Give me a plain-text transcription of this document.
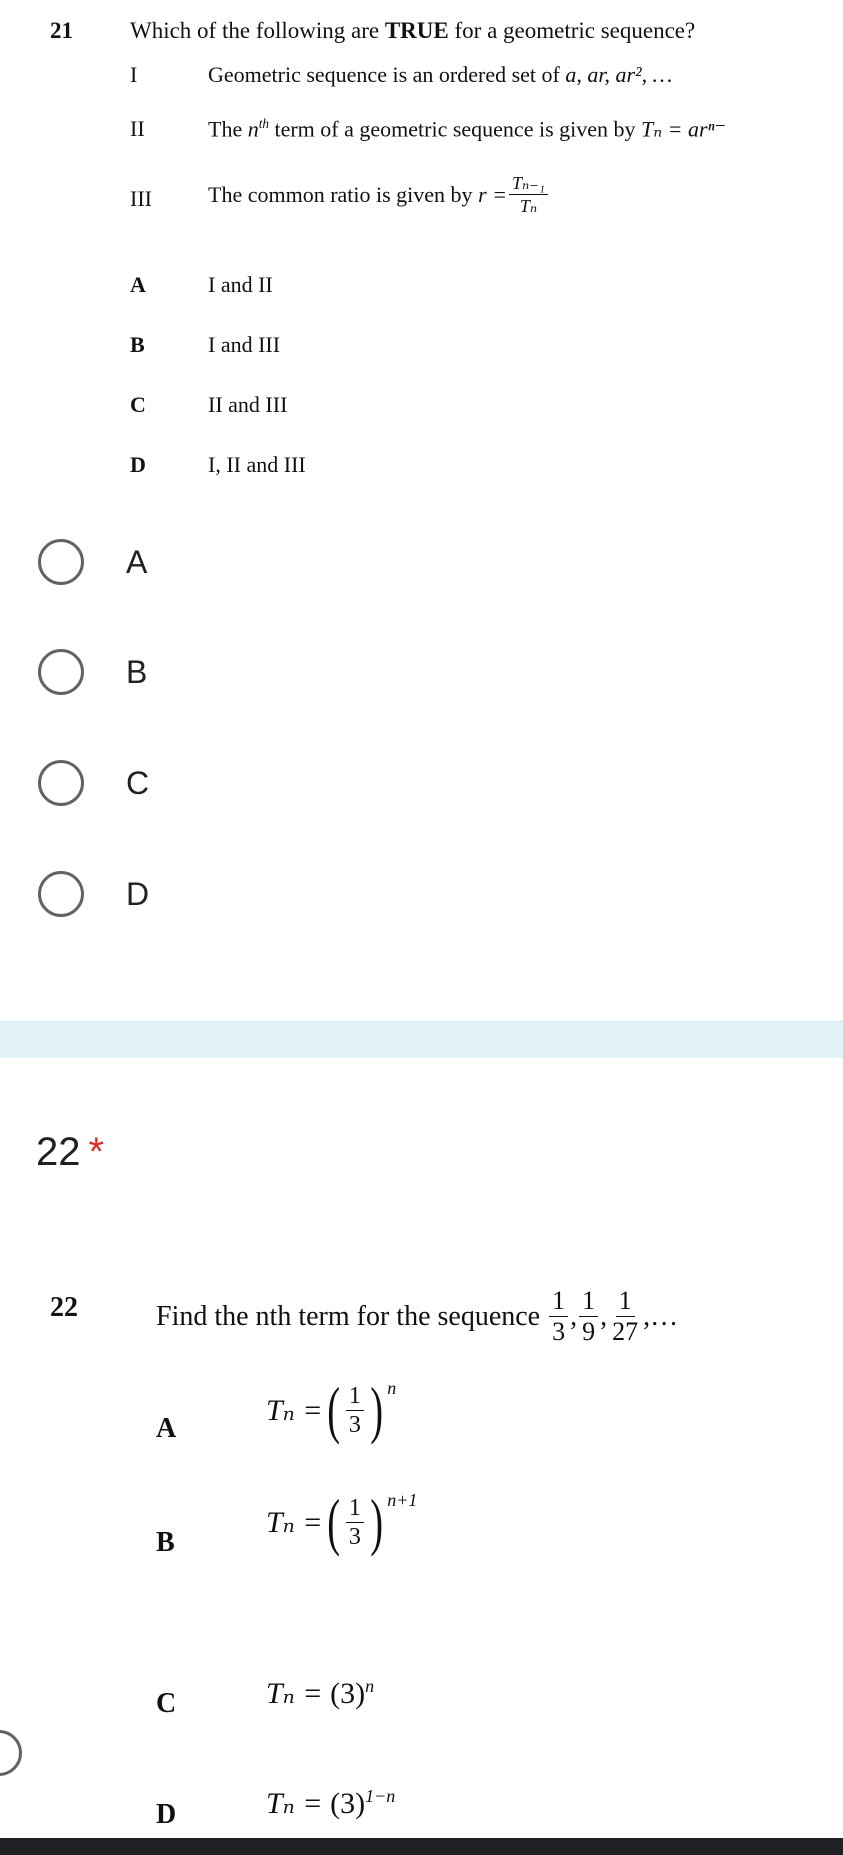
21 Which of the following are TRUE for a geometric sequence?
I	Geometric sequence is an ordered set of a, ar, ar², …
II	The $n^{th}$ term of a geometric sequence is given by Tₙ = arⁿ⁻
III	The common ratio is given by
$r = \frac{\text{Tₙ₋₁}}{\text{Tₙ}}$
A	I and II
B	I and III
C	II and III
D	I, II and III
A
B
C
D
22 *
22	Find the nth term for the sequence
$\frac{1}{3}$ , $\frac{1}{9}$ , $\frac{1}{27}$ ,…
A
Tₙ = ( $\frac{1}{3} )^n$
B
Tₙ = ( $\frac{1}{3} )^{n+1}$
C	Tₙ =
$(3)^n$
D	Tₙ =
$(3)^{1-n}$
